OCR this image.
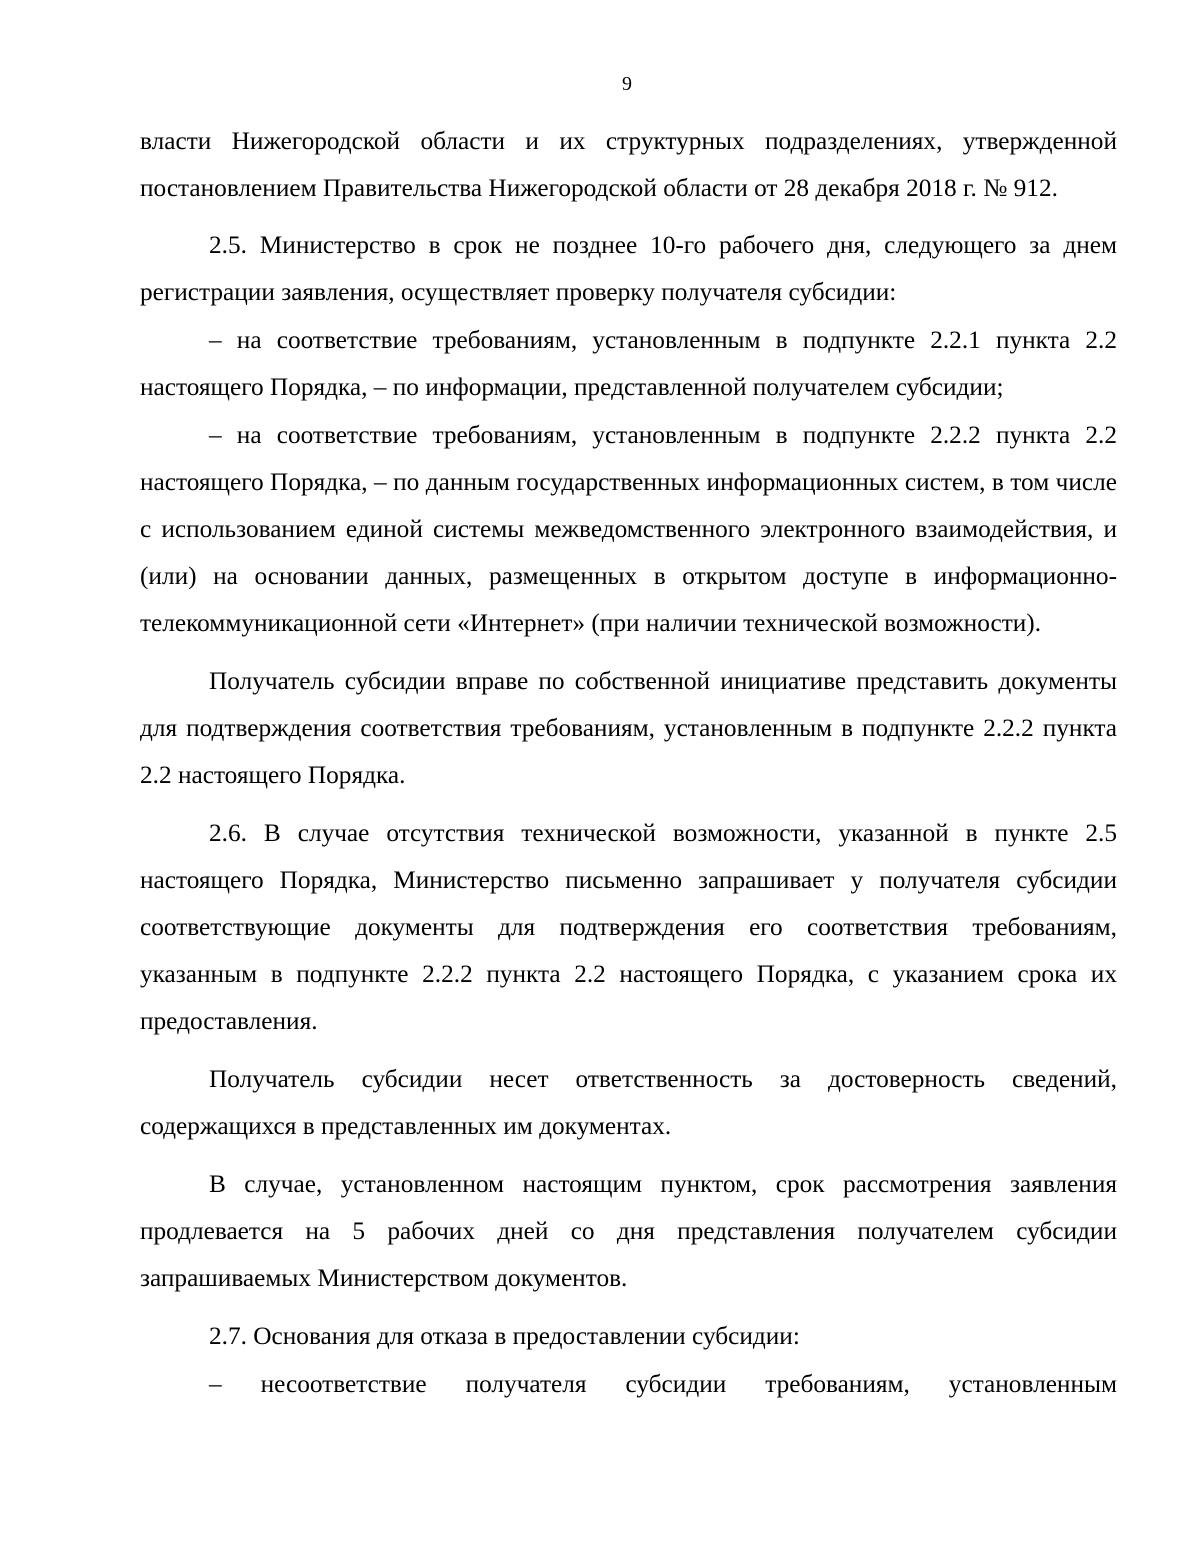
9

власти Нижегородской области и их структурных подразделениях, утвержденной постановлением Правительства Нижегородской области от 28 декабря 2018 г. № 912.

2.5. Министерство в срок не позднее 10-го рабочего дня, следующего за днем регистрации заявления, осуществляет проверку получателя субсидии:

– на соответствие требованиям, установленным в подпункте 2.2.1 пункта 2.2 настоящего Порядка, – по информации, представленной получателем субсидии;

– на соответствие требованиям, установленным в подпункте 2.2.2 пункта 2.2 настоящего Порядка, – по данным государственных информационных систем, в том числе с использованием единой системы межведомственного электронного взаимодействия, и (или) на основании данных, размещенных в открытом доступе в информационно-телекоммуникационной сети «Интернет» (при наличии технической возможности).

Получатель субсидии вправе по собственной инициативе представить документы для подтверждения соответствия требованиям, установленным в подпункте 2.2.2 пункта 2.2 настоящего Порядка.

2.6. В случае отсутствия технической возможности, указанной в пункте 2.5 настоящего Порядка, Министерство письменно запрашивает у получателя субсидии соответствующие документы для подтверждения его соответствия требованиям, указанным в подпункте 2.2.2 пункта 2.2 настоящего Порядка, с указанием срока их предоставления.

Получатель субсидии несет ответственность за достоверность сведений, содержащихся в представленных им документах.

В случае, установленном настоящим пунктом, срок рассмотрения заявления продлевается на 5 рабочих дней со дня представления получателем субсидии запрашиваемых Министерством документов.

2.7. Основания для отказа в предоставлении субсидии:

– несоответствие получателя субсидии требованиям, установленным
